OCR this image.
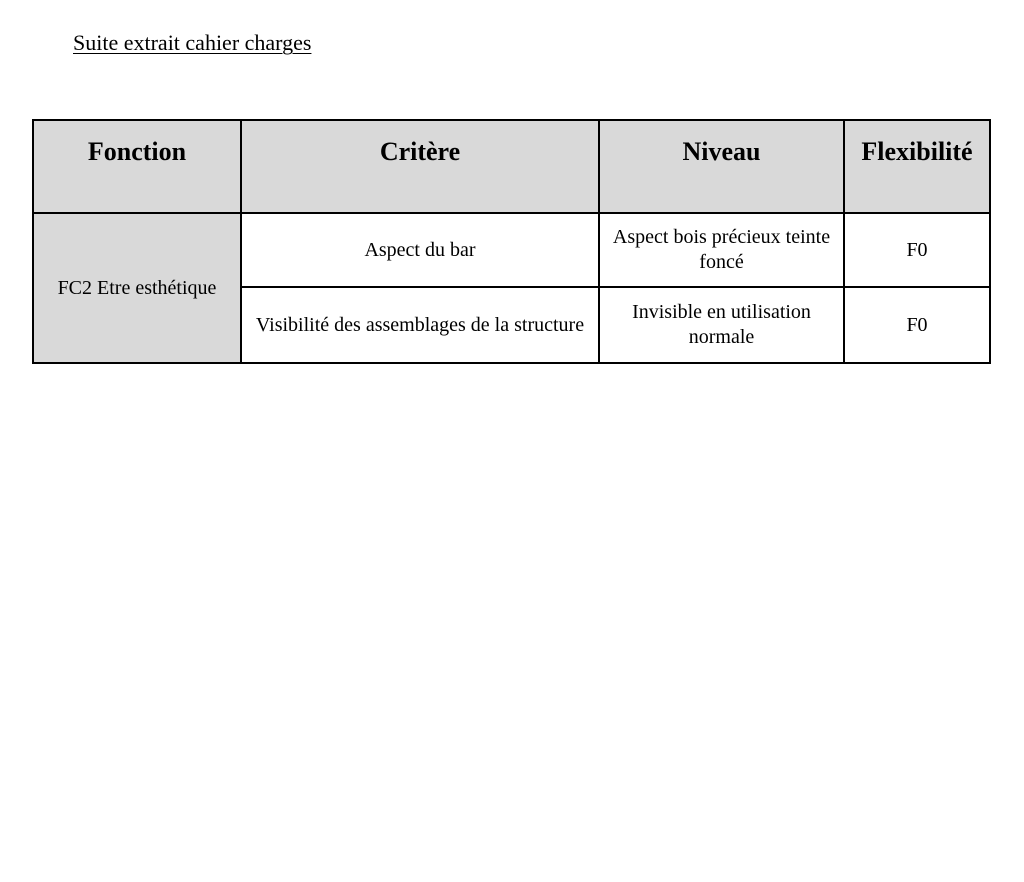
Suite extrait cahier charges
Fonction	Critère	Niveau	Flexibilité
FC2 Etre esthétique	Aspect du bar	Aspect bois précieux teinte foncé	F0
	Visibilité des assemblages de la structure	Invisible en utilisation normale	F0
